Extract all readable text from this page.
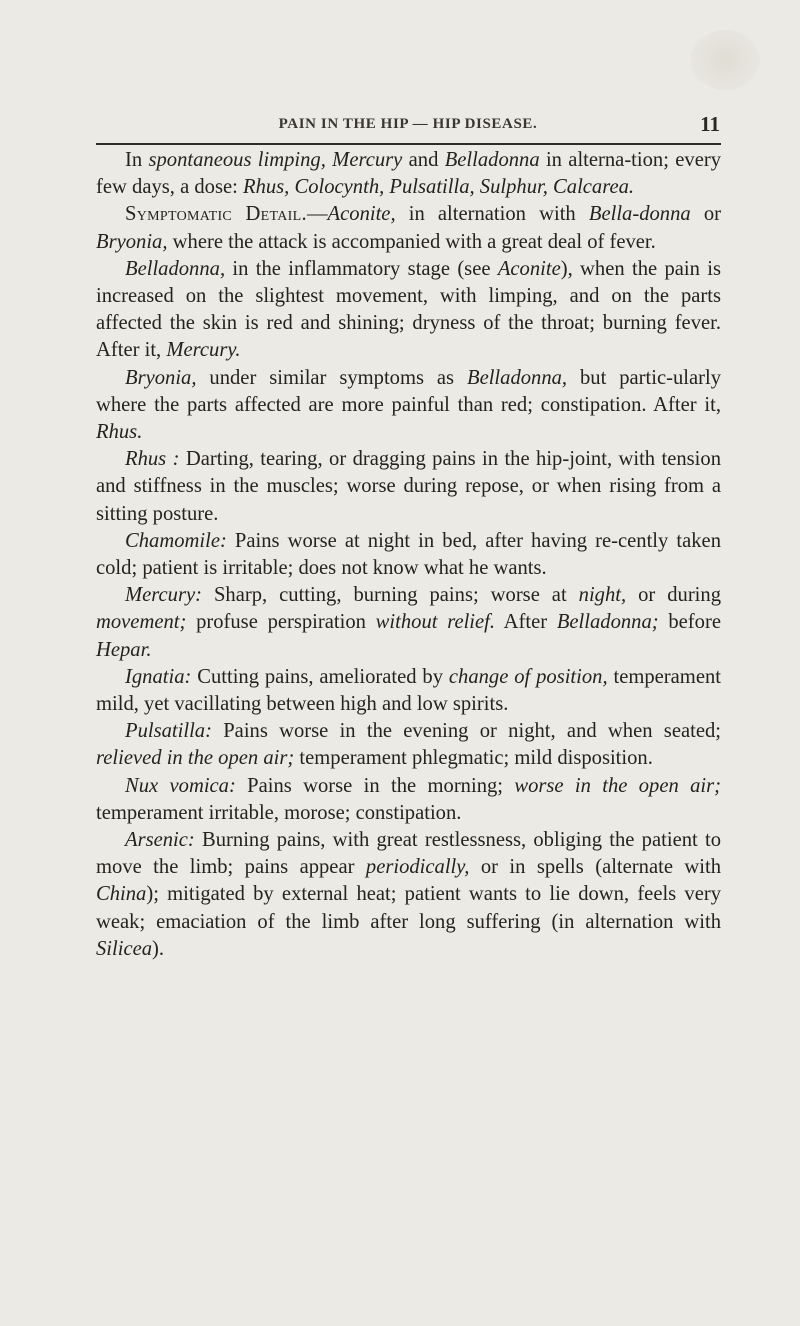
PAIN IN THE HIP — HIP DISEASE.	11

In spontaneous limping, Mercury and Belladonna in alterna-tion; every few days, a dose: Rhus, Colocynth, Pulsatilla, Sulphur, Calcarea.

Symptomatic Detail.—Aconite, in alternation with Bella-donna or Bryonia, where the attack is accompanied with a great deal of fever.

Belladonna, in the inflammatory stage (see Aconite), when the pain is increased on the slightest movement, with limping, and on the parts affected the skin is red and shining; dryness of the throat; burning fever. After it, Mercury.

Bryonia, under similar symptoms as Belladonna, but partic-ularly where the parts affected are more painful than red; constipation. After it, Rhus.

Rhus : Darting, tearing, or dragging pains in the hip-joint, with tension and stiffness in the muscles; worse during repose, or when rising from a sitting posture.

Chamomile: Pains worse at night in bed, after having re-cently taken cold; patient is irritable; does not know what he wants.

Mercury: Sharp, cutting, burning pains; worse at night, or during movement; profuse perspiration without relief. After Belladonna; before Hepar.

Ignatia: Cutting pains, ameliorated by change of position, temperament mild, yet vacillating between high and low spirits.

Pulsatilla: Pains worse in the evening or night, and when seated; relieved in the open air; temperament phlegmatic; mild disposition.

Nux vomica: Pains worse in the morning; worse in the open air; temperament irritable, morose; constipation.

Arsenic: Burning pains, with great restlessness, obliging the patient to move the limb; pains appear periodically, or in spells (alternate with China); mitigated by external heat; patient wants to lie down, feels very weak; emaciation of the limb after long suffering (in alternation with Silicea).
